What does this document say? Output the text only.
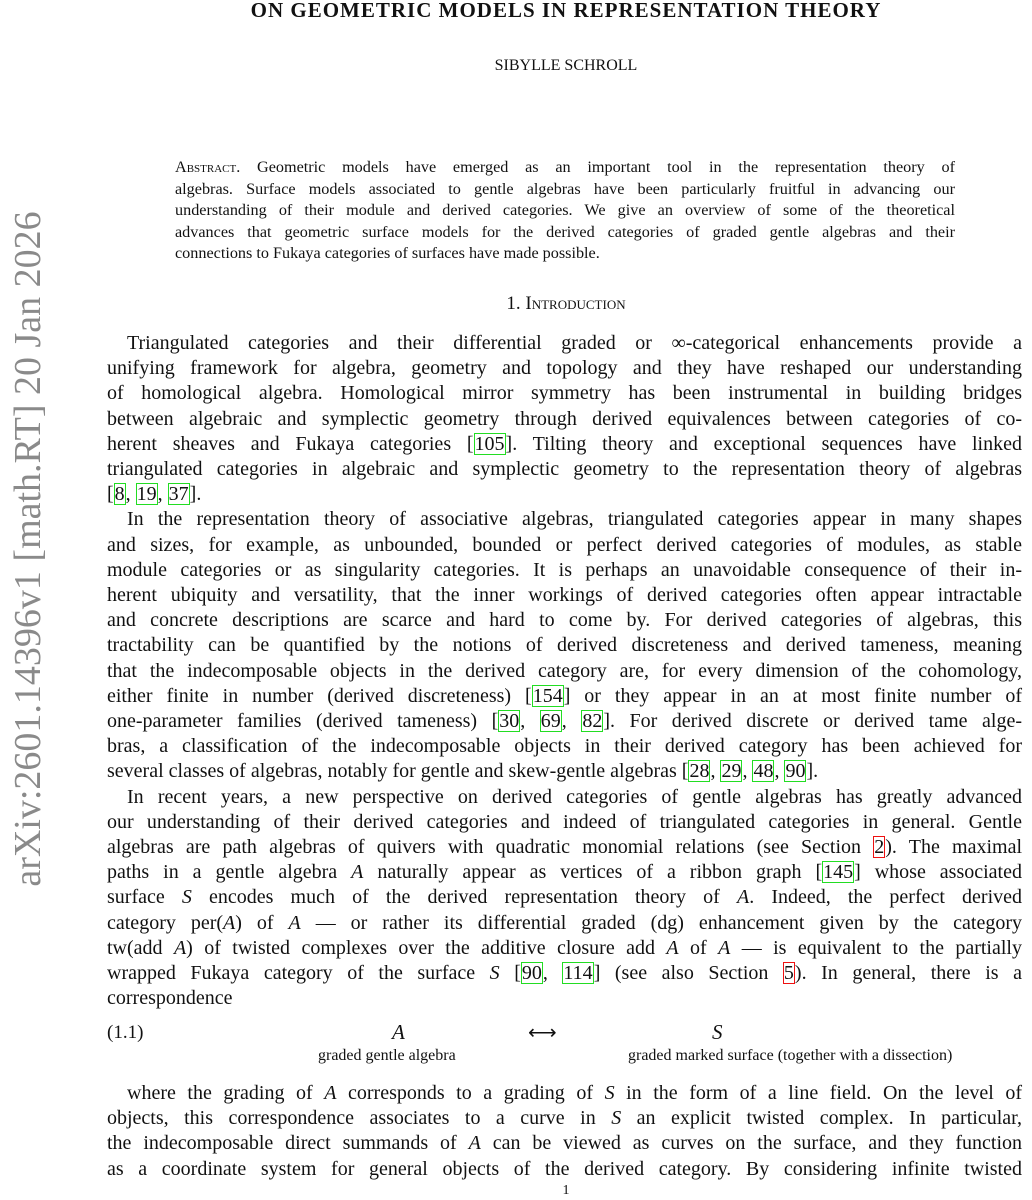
arXiv:2601.14396v1 [math.RT] 20 Jan 2026
ON GEOMETRIC MODELS IN REPRESENTATION THEORY
SIBYLLE SCHROLL
Abstract. Geometric models have emerged as an important tool in the representation theory of
algebras. Surface models associated to gentle algebras have been particularly fruitful in advancing our
understanding of their module and derived categories. We give an overview of some of the theoretical
advances that geometric surface models for the derived categories of graded gentle algebras and their
connections to Fukaya categories of surfaces have made possible.
1. Introduction
Triangulated categories and their differential graded or ∞-categorical enhancements provide a
unifying framework for algebra, geometry and topology and they have reshaped our understanding
of homological algebra. Homological mirror symmetry has been instrumental in building bridges
between algebraic and symplectic geometry through derived equivalences between categories of co-
herent sheaves and Fukaya categories [105]. Tilting theory and exceptional sequences have linked
triangulated categories in algebraic and symplectic geometry to the representation theory of algebras
[8, 19, 37].
In the representation theory of associative algebras, triangulated categories appear in many shapes
and sizes, for example, as unbounded, bounded or perfect derived categories of modules, as stable
module categories or as singularity categories. It is perhaps an unavoidable consequence of their in-
herent ubiquity and versatility, that the inner workings of derived categories often appear intractable
and concrete descriptions are scarce and hard to come by. For derived categories of algebras, this
tractability can be quantified by the notions of derived discreteness and derived tameness, meaning
that the indecomposable objects in the derived category are, for every dimension of the cohomology,
either finite in number (derived discreteness) [154] or they appear in an at most finite number of
one-parameter families (derived tameness) [30, 69, 82]. For derived discrete or derived tame alge-
bras, a classification of the indecomposable objects in their derived category has been achieved for
several classes of algebras, notably for gentle and skew-gentle algebras [28, 29, 48, 90].
In recent years, a new perspective on derived categories of gentle algebras has greatly advanced
our understanding of their derived categories and indeed of triangulated categories in general. Gentle
algebras are path algebras of quivers with quadratic monomial relations (see Section 2). The maximal
paths in a gentle algebra A naturally appear as vertices of a ribbon graph [145] whose associated
surface S encodes much of the derived representation theory of A. Indeed, the perfect derived
category per(A) of A — or rather its differential graded (dg) enhancement given by the category
tw(add A) of twisted complexes over the additive closure add A of A — is equivalent to the partially
wrapped Fukaya category of the surface S [90, 114] (see also Section 5). In general, there is a
correspondence
where the grading of A corresponds to a grading of S in the form of a line field. On the level of
objects, this correspondence associates to a curve in S an explicit twisted complex. In particular,
the indecomposable direct summands of A can be viewed as curves on the surface, and they function
as a coordinate system for general objects of the derived category. By considering infinite twisted
(1.1)	A	⟷	S
graded gentle algebra	graded marked surface (together with a dissection)
1
